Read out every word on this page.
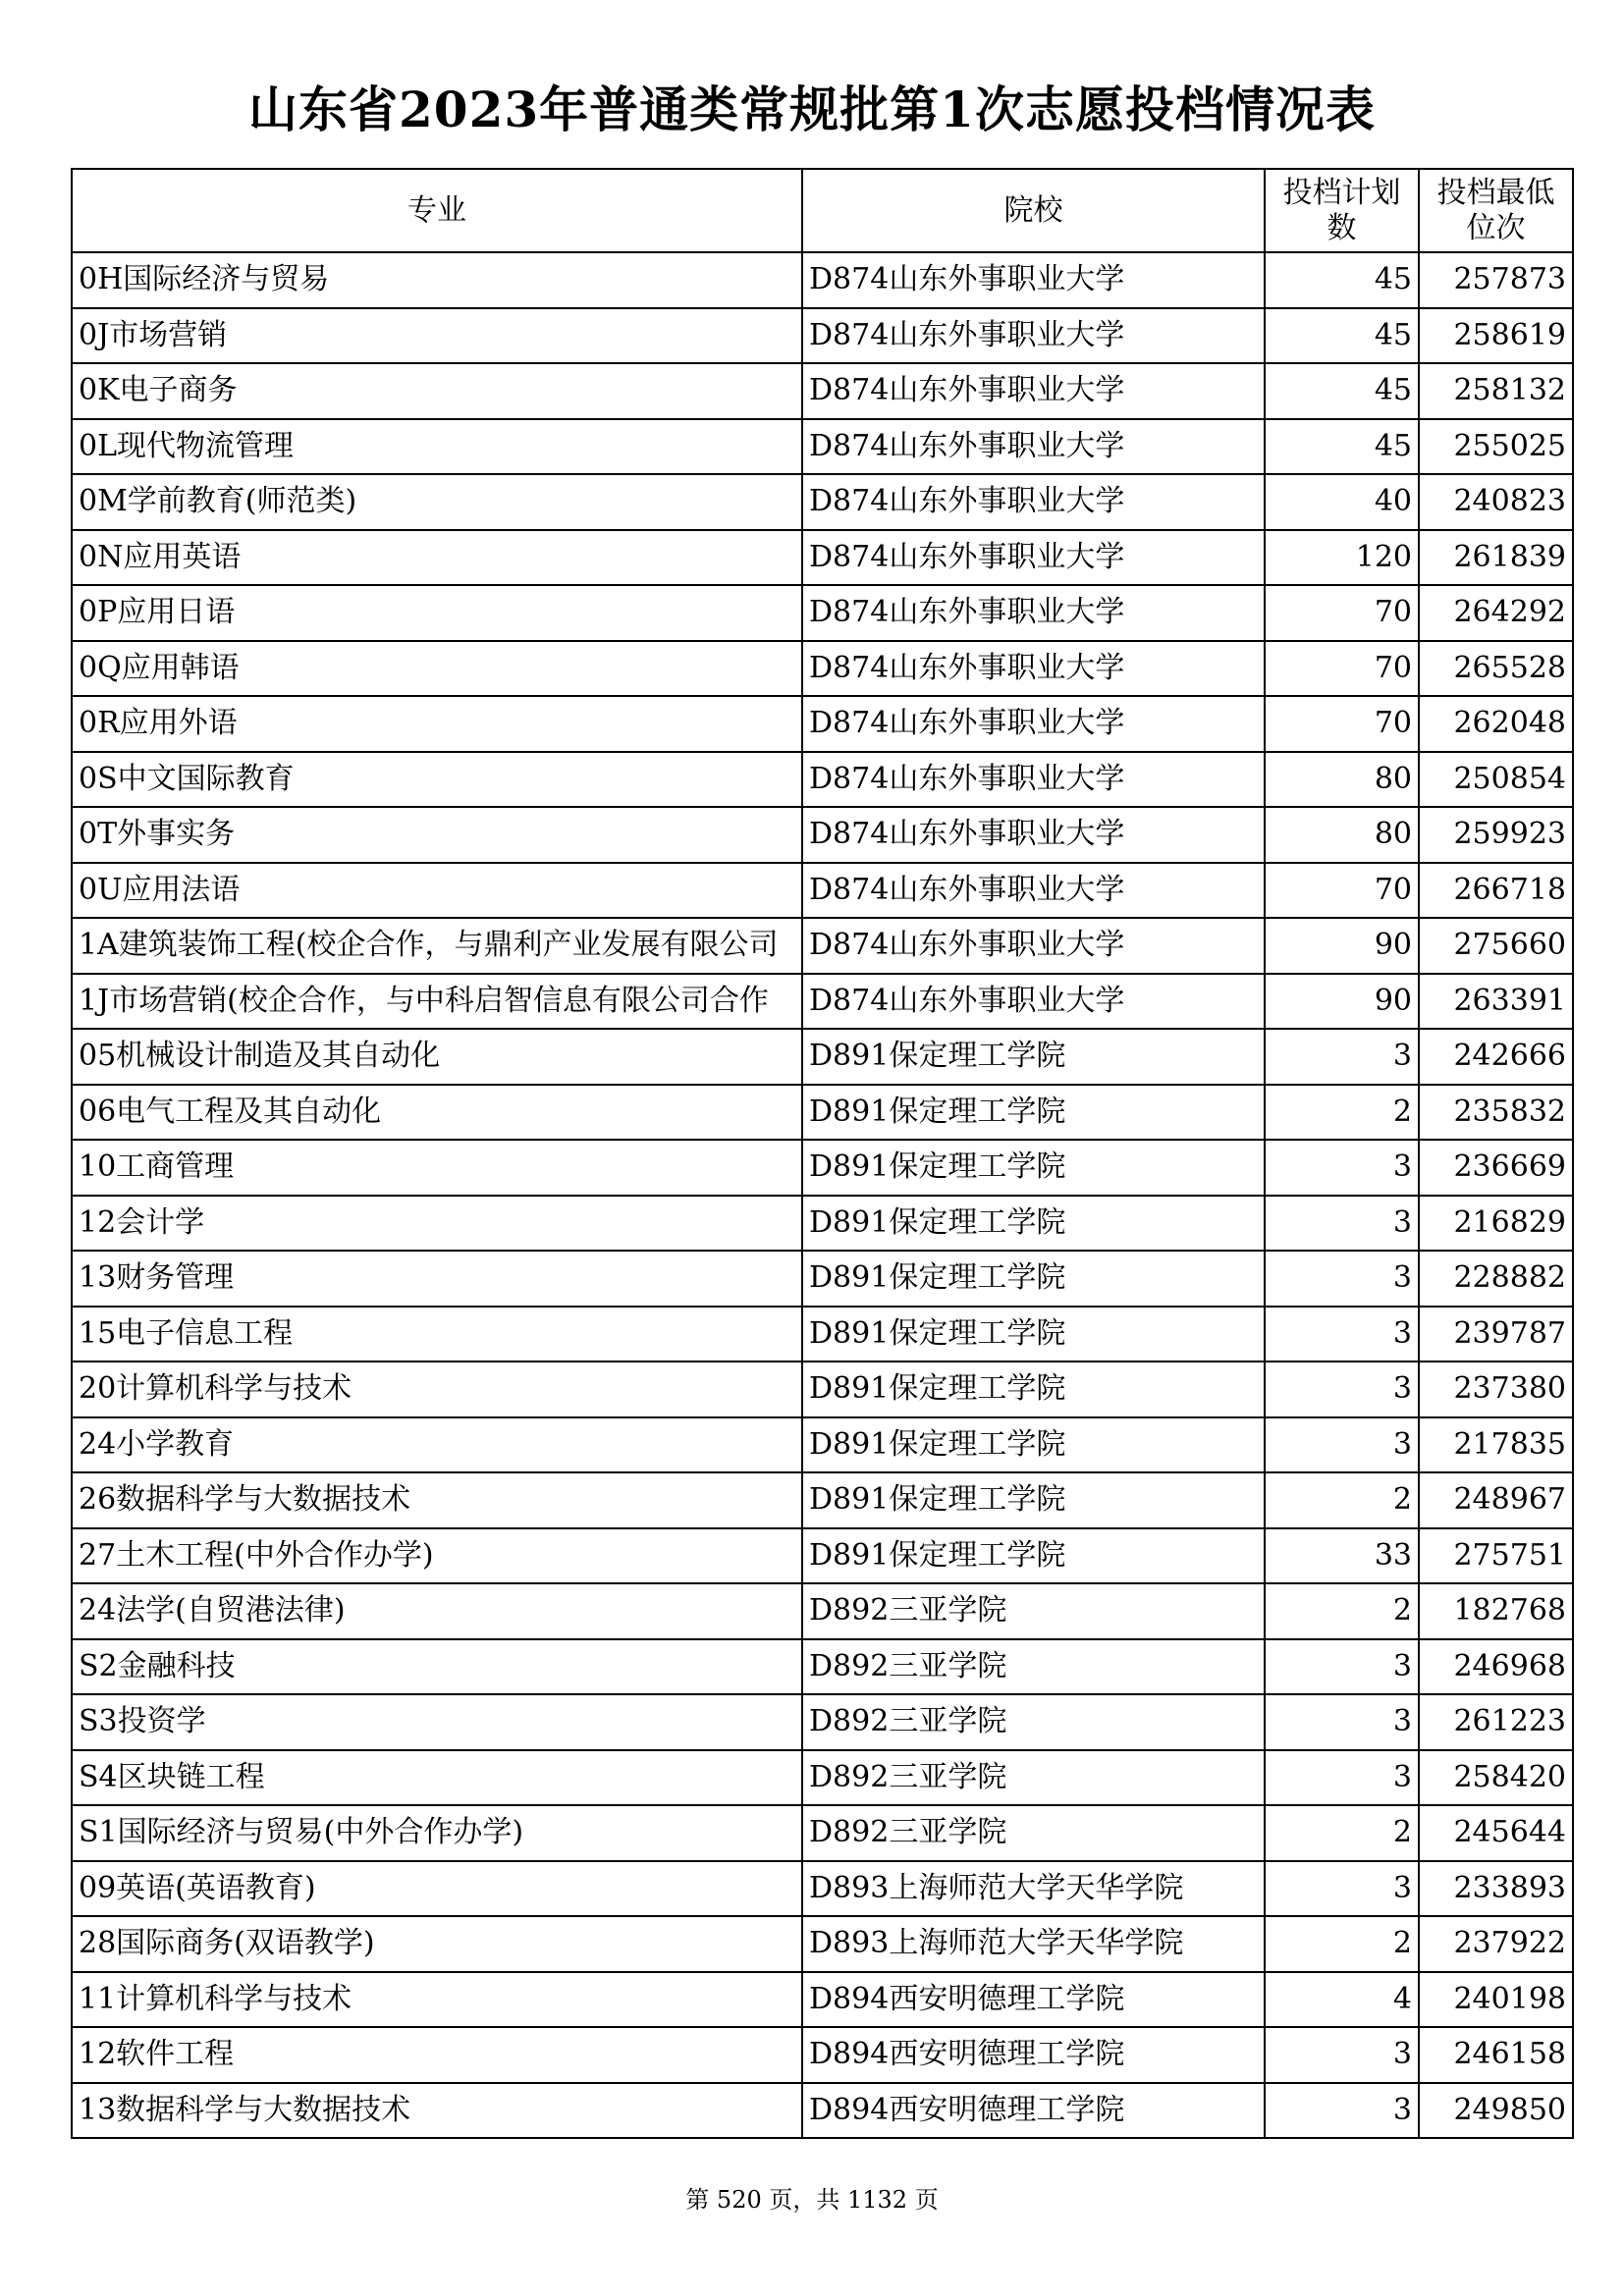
山东省2023年普通类常规批第1次志愿投档情况表
专业	院校	投档计划数	投档最低位次
0H国际经济与贸易	D874山东外事职业大学	45	257873
0J市场营销	D874山东外事职业大学	45	258619
0K电子商务	D874山东外事职业大学	45	258132
0L现代物流管理	D874山东外事职业大学	45	255025
0M学前教育(师范类)	D874山东外事职业大学	40	240823
0N应用英语	D874山东外事职业大学	120	261839
0P应用日语	D874山东外事职业大学	70	264292
0Q应用韩语	D874山东外事职业大学	70	265528
0R应用外语	D874山东外事职业大学	70	262048
0S中文国际教育	D874山东外事职业大学	80	250854
0T外事实务	D874山东外事职业大学	80	259923
0U应用法语	D874山东外事职业大学	70	266718
1A建筑装饰工程(校企合作，与鼎利产业发展有限公司	D874山东外事职业大学	90	275660
1J市场营销(校企合作，与中科启智信息有限公司合作	D874山东外事职业大学	90	263391
05机械设计制造及其自动化	D891保定理工学院	3	242666
06电气工程及其自动化	D891保定理工学院	2	235832
10工商管理	D891保定理工学院	3	236669
12会计学	D891保定理工学院	3	216829
13财务管理	D891保定理工学院	3	228882
15电子信息工程	D891保定理工学院	3	239787
20计算机科学与技术	D891保定理工学院	3	237380
24小学教育	D891保定理工学院	3	217835
26数据科学与大数据技术	D891保定理工学院	2	248967
27土木工程(中外合作办学)	D891保定理工学院	33	275751
24法学(自贸港法律)	D892三亚学院	2	182768
S2金融科技	D892三亚学院	3	246968
S3投资学	D892三亚学院	3	261223
S4区块链工程	D892三亚学院	3	258420
S1国际经济与贸易(中外合作办学)	D892三亚学院	2	245644
09英语(英语教育)	D893上海师范大学天华学院	3	233893
28国际商务(双语教学)	D893上海师范大学天华学院	2	237922
11计算机科学与技术	D894西安明德理工学院	4	240198
12软件工程	D894西安明德理工学院	3	246158
13数据科学与大数据技术	D894西安明德理工学院	3	249850
第 520 页，共 1132 页
